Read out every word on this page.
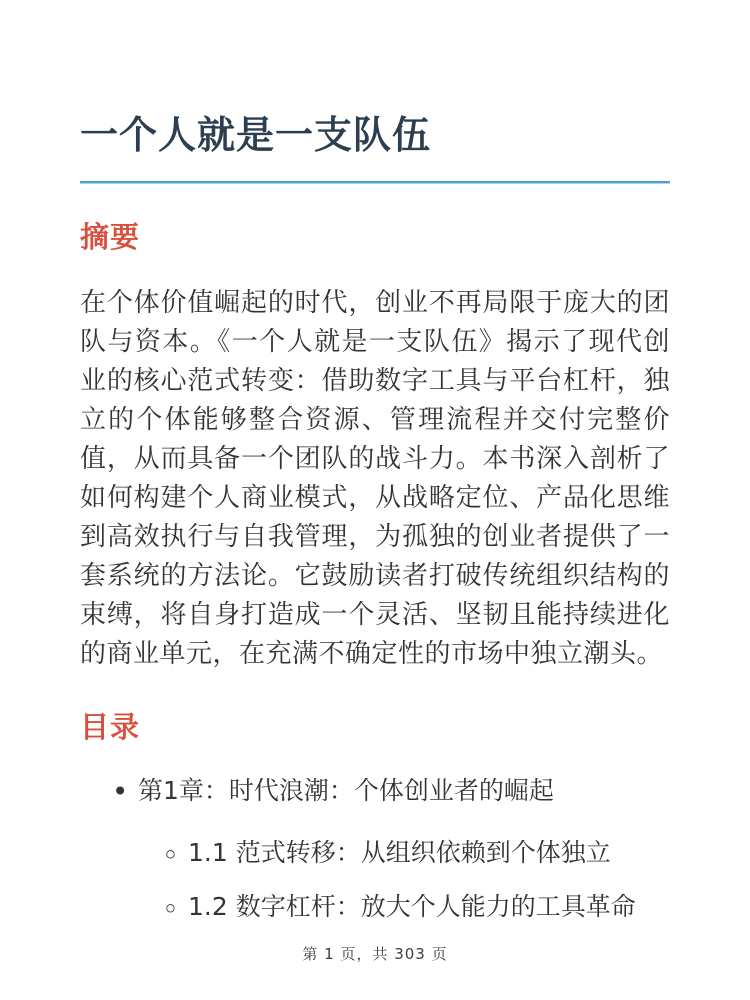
一个人就是一支队伍
摘要

在个体价值崛起的时代，创业不再局限于庞大的团队与资本。《一个人就是一支队伍》揭示了现代创业的核心范式转变：借助数字工具与平台杠杆，独立的个体能够整合资源、管理流程并交付完整价值，从而具备一个团队的战斗力。本书深入剖析了如何构建个人商业模式，从战略定位、产品化思维到高效执行与自我管理，为孤独的创业者提供了一套系统的方法论。它鼓励读者打破传统组织结构的束缚，将自身打造成一个灵活、坚韧且能持续进化的商业单元，在充满不确定性的市场中独立潮头。

目录
• 第1章：时代浪潮：个体创业者的崛起
◦ 1.1 范式转移：从组织依赖到个体独立
◦ 1.2 数字杠杆：放大个人能力的工具革命
第 1 页，共 303 页
